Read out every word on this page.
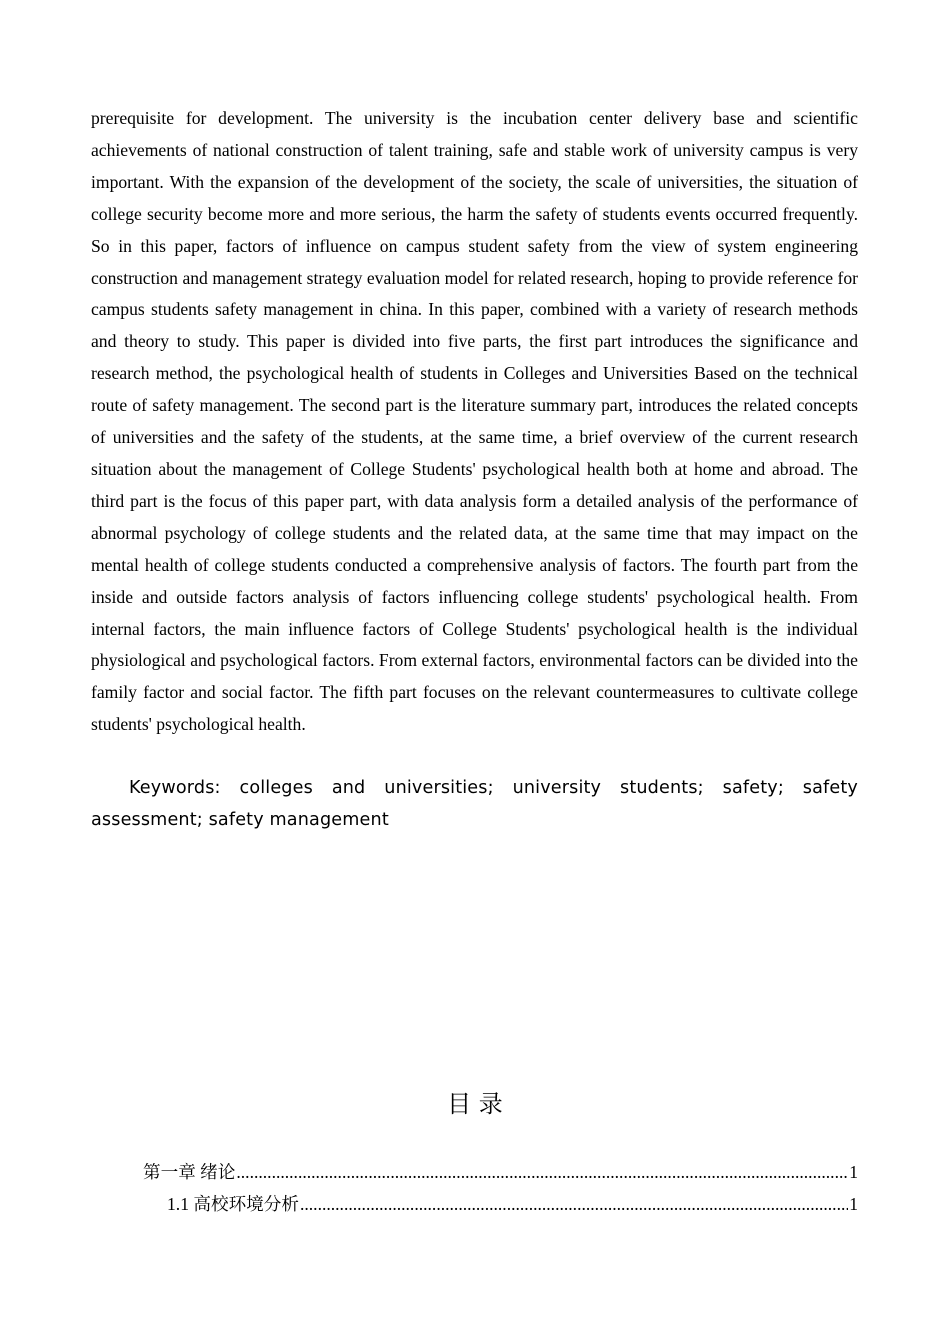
prerequisite for development. The university is the incubation center delivery base and scientific achievements of national construction of talent training, safe and stable work of university campus is very important. With the expansion of the development of the society, the scale of universities, the situation of college security become more and more serious, the harm the safety of students events occurred frequently. So in this paper, factors of influence on campus student safety from the view of system engineering construction and management strategy evaluation model for related research, hoping to provide reference for campus students safety management in china. In this paper, combined with a variety of research methods and theory to study. This paper is divided into five parts, the first part introduces the significance and research method, the psychological health of students in Colleges and Universities Based on the technical route of safety management. The second part is the literature summary part, introduces the related concepts of universities and the safety of the students, at the same time, a brief overview of the current research situation about the management of College Students' psychological health both at home and abroad. The third part is the focus of this paper part, with data analysis form a detailed analysis of the performance of abnormal psychology of college students and the related data, at the same time that may impact on the mental health of college students conducted a comprehensive analysis of factors. The fourth part from the inside and outside factors analysis of factors influencing college students' psychological health. From internal factors, the main influence factors of College Students' psychological health is the individual physiological and psychological factors. From external factors, environmental factors can be divided into the family factor and social factor. The fifth part focuses on the relevant countermeasures to cultivate college students' psychological health.

Keywords: colleges and universities; university students; safety; safety assessment; safety management

目 录
第一章 绪论 .....	1
1.1 高校环境分析 .....	1
